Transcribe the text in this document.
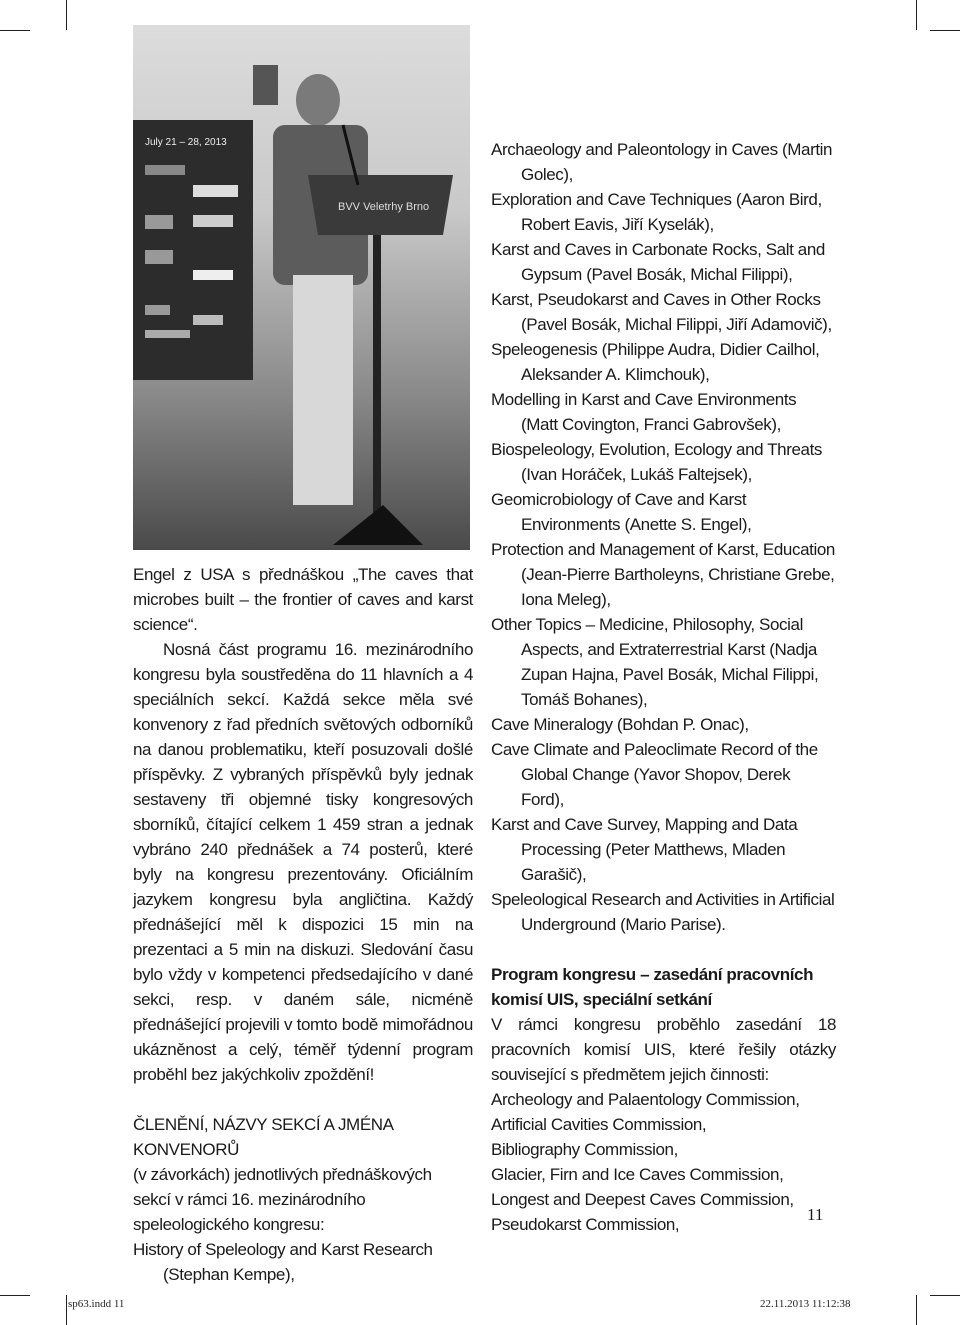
July 21 – 28, 2013
BVV Veletrhy Brno

Engel z USA s přednáškou „The caves that microbes built – the frontier of caves and karst science“.

Nosná část programu 16. mezinárodního kongresu byla soustředěna do 11 hlavních a 4 speciálních sekcí. Každá sekce měla své konvenory z řad předních světových odborníků na danou problematiku, kteří posuzovali došlé příspěvky. Z vybraných příspěvků byly jednak sestaveny tři objemné tisky kongresových sborníků, čítající celkem 1 459 stran a jednak vybráno 240 přednášek a 74 posterů, které byly na kongresu prezentovány. Oficiálním jazykem kongresu byla angličtina. Každý přednášející měl k dispozici 15 min na prezentaci a 5 min na diskuzi. Sledování času bylo vždy v kompetenci předsedajícího v dané sekci, resp. v daném sále, nicméně přednášející projevili v tomto bodě mimořádnou ukázněnost a celý, téměř týdenní program proběhl bez jakýchkoliv zpoždění!

ČLENĚNÍ, NÁZVY SEKCÍ A JMÉNA KONVENORŮ

(v závorkách) jednotlivých přednáškových sekcí v rámci 16. mezinárodního speleologického kongresu:

History of Speleology and Karst Research (Stephan Kempe),

Archaeology and Paleontology in Caves (Martin Golec),

Exploration and Cave Techniques (Aaron Bird, Robert Eavis, Jiří Kyselák),

Karst and Caves in Carbonate Rocks, Salt and Gypsum (Pavel Bosák, Michal Filippi),

Karst, Pseudokarst and Caves in Other Rocks (Pavel Bosák, Michal Filippi, Jiří Adamovič),

Speleogenesis (Philippe Audra, Didier Cailhol, Aleksander A. Klimchouk),

Modelling in Karst and Cave Environments (Matt Covington, Franci Gabrovšek),

Biospeleology, Evolution, Ecology and Threats (Ivan Horáček, Lukáš Faltejsek),

Geomicrobiology of Cave and Karst Environments (Anette S. Engel),

Protection and Management of Karst, Education (Jean-Pierre Bartholeyns, Christiane Grebe, Iona Meleg),

Other Topics – Medicine, Philosophy, Social Aspects, and Extraterrestrial Karst (Nadja Zupan Hajna, Pavel Bosák, Michal Filippi, Tomáš Bohanes),

Cave Mineralogy (Bohdan P. Onac),

Cave Climate and Paleoclimate Record of the Global Change (Yavor Shopov, Derek Ford),

Karst and Cave Survey, Mapping and Data Processing (Peter Matthews, Mladen Garašič),

Speleological Research and Activities in Artificial Underground (Mario Parise).

Program kongresu – zasedání pracovních komisí UIS, speciální setkání

V rámci kongresu proběhlo zasedání 18 pracovních komisí UIS, které řešily otázky související s předmětem jejich činnosti:

Archeology and Palaentology Commission,

Artificial Cavities Commission,

Bibliography Commission,

Glacier, Firn and Ice Caves Commission,

Longest and Deepest Caves Commission,

Pseudokarst Commission,

11
sp63.indd 11	22.11.2013 11:12:38
